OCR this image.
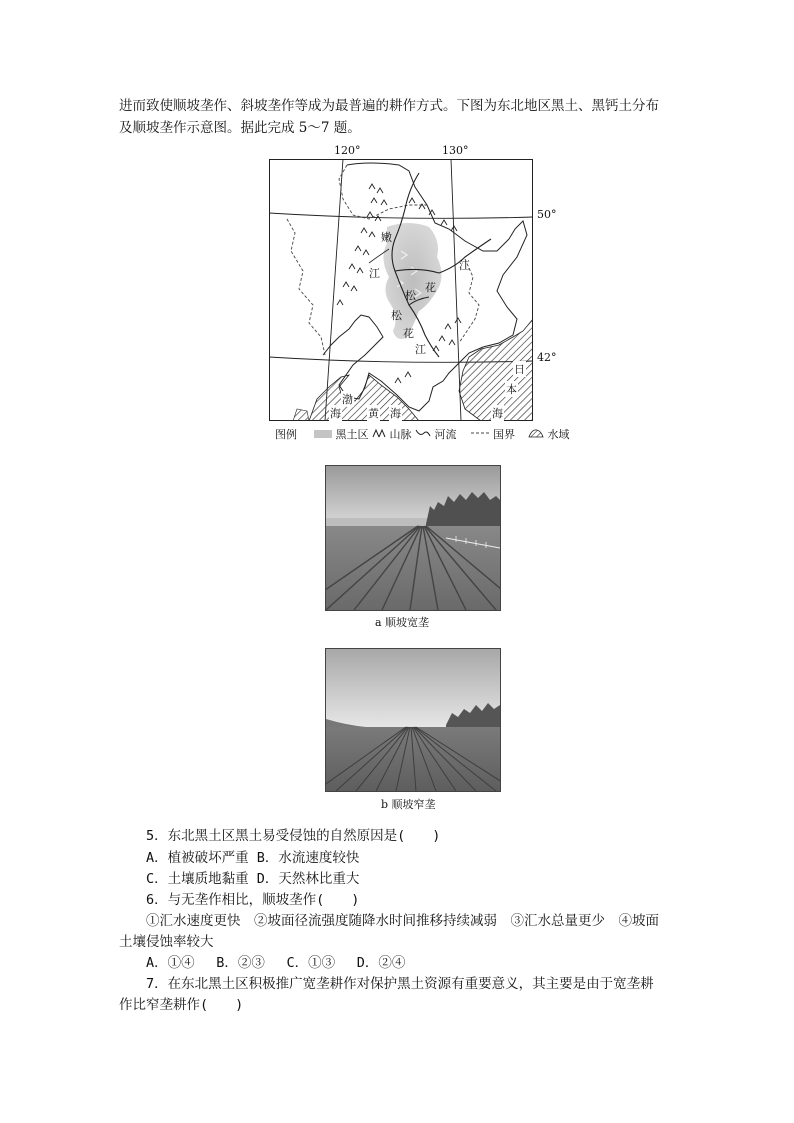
进而致使顺坡垄作、斜坡垄作等成为最普遍的耕作方式。下图为东北地区黑土、黑钙土分布
及顺坡垄作示意图。据此完成 5～7 题。
120°	130°
嫩
江
松
花
江
松
花
江
渤
海 黄 海
日
本
海
50°
42°
图例	黑土区 山脉 河流	国界	水域
a 顺坡宽垄
b 顺坡窄垄
5．东北黑土区黑土易受侵蚀的自然原因是(　　)
A．植被破坏严重 B．水流速度较快
C．土壤质地黏重 D．天然林比重大
6．与无垄作相比，顺坡垄作(　　)
①汇水速度更快　②坡面径流强度随降水时间推移持续减弱　③汇水总量更少　④坡面
土壤侵蚀率较大
A．①④　 B．②③　 C．①③　 D．②④
7．在东北黑土区积极推广宽垄耕作对保护黑土资源有重要意义，其主要是由于宽垄耕
作比窄垄耕作(　　)
